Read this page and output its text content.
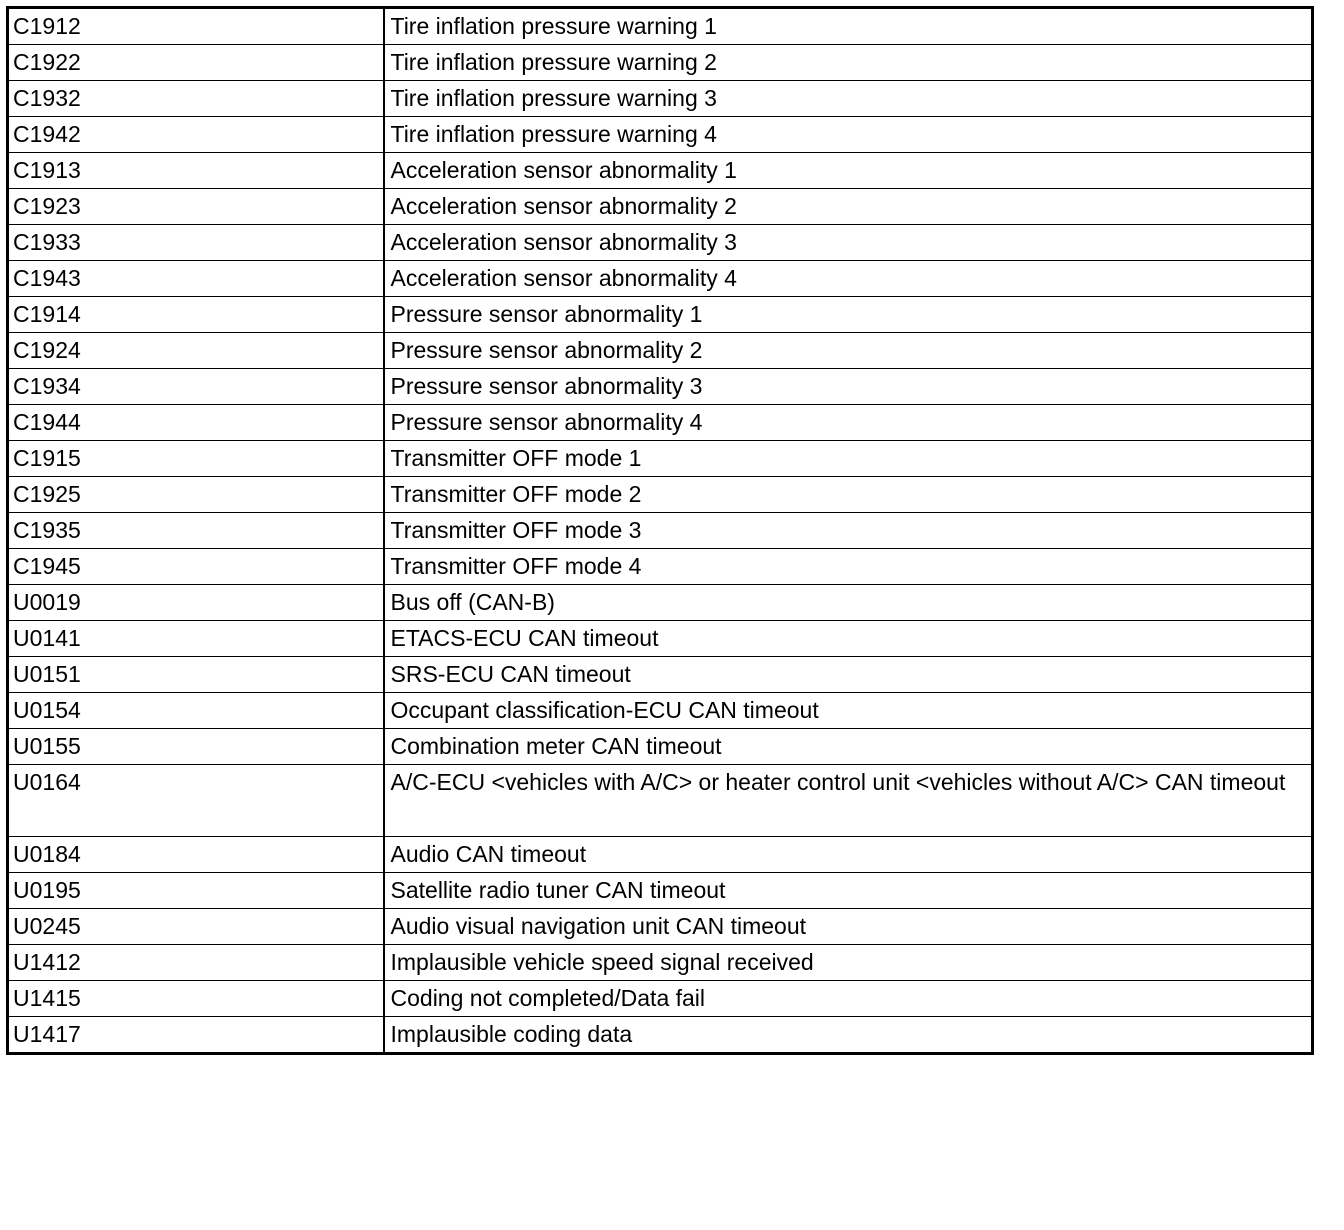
C1912	Tire inflation pressure warning 1
C1922	Tire inflation pressure warning 2
C1932	Tire inflation pressure warning 3
C1942	Tire inflation pressure warning 4
C1913	Acceleration sensor abnormality 1
C1923	Acceleration sensor abnormality 2
C1933	Acceleration sensor abnormality 3
C1943	Acceleration sensor abnormality 4
C1914	Pressure sensor abnormality 1
C1924	Pressure sensor abnormality 2
C1934	Pressure sensor abnormality 3
C1944	Pressure sensor abnormality 4
C1915	Transmitter OFF mode 1
C1925	Transmitter OFF mode 2
C1935	Transmitter OFF mode 3
C1945	Transmitter OFF mode 4
U0019	Bus off (CAN-B)
U0141	ETACS-ECU CAN timeout
U0151	SRS-ECU CAN timeout
U0154	Occupant classification-ECU CAN timeout
U0155	Combination meter CAN timeout
U0164	A/C-ECU <vehicles with A/C> or heater control unit <vehicles without A/C> CAN timeout
U0184	Audio CAN timeout
U0195	Satellite radio tuner CAN timeout
U0245	Audio visual navigation unit CAN timeout
U1412	Implausible vehicle speed signal received
U1415	Coding not completed/Data fail
U1417	Implausible coding data
